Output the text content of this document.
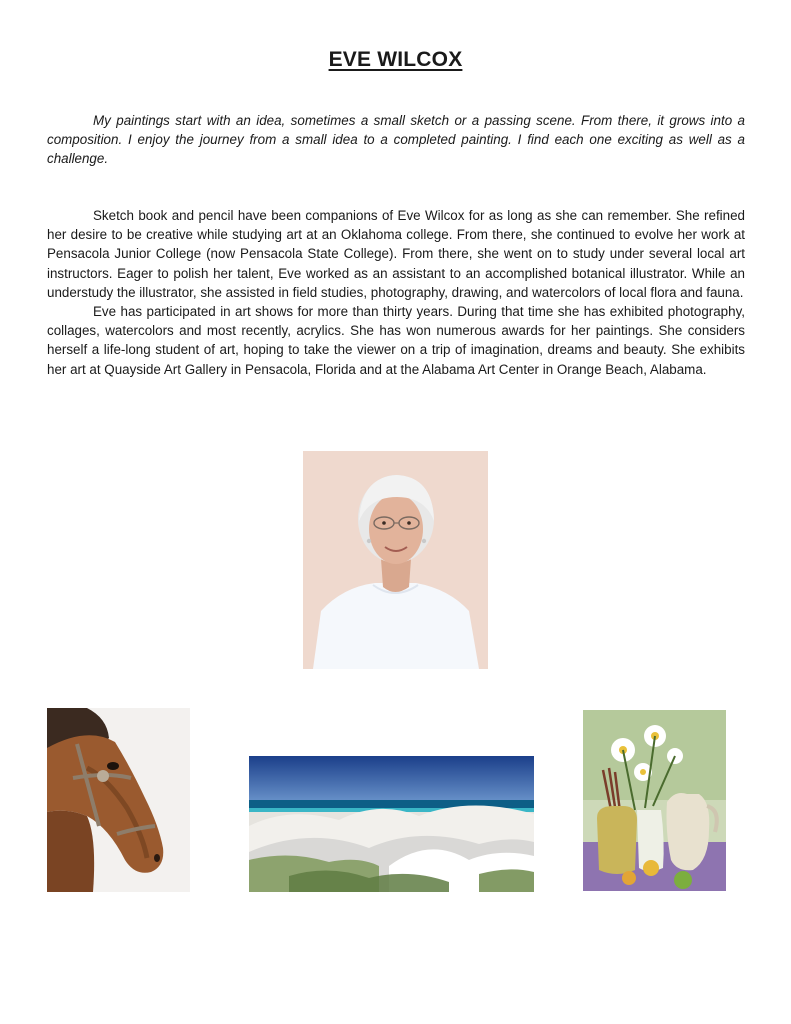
EVE WILCOX

My paintings start with an idea, sometimes a small sketch or a passing scene. From there, it grows into a composition. I enjoy the journey from a small idea to a completed painting. I find each one exciting as well as a challenge.

Sketch book and pencil have been companions of Eve Wilcox for as long as she can remember. She refined her desire to be creative while studying art at an Oklahoma college. From there, she continued to evolve her work at Pensacola Junior College (now Pensacola State College). From there, she went on to study under several local art instructors. Eager to polish her talent, Eve worked as an assistant to an accomplished botanical illustrator. While an understudy the illustrator, she assisted in field studies, photography, drawing, and watercolors of local flora and fauna.

Eve has participated in art shows for more than thirty years. During that time she has exhibited photography, collages, watercolors and most recently, acrylics. She has won numerous awards for her paintings. She considers herself a life-long student of art, hoping to take the viewer on a trip of imagination, dreams and beauty. She exhibits her art at Quayside Art Gallery in Pensacola, Florida and at the Alabama Art Center in Orange Beach, Alabama.
